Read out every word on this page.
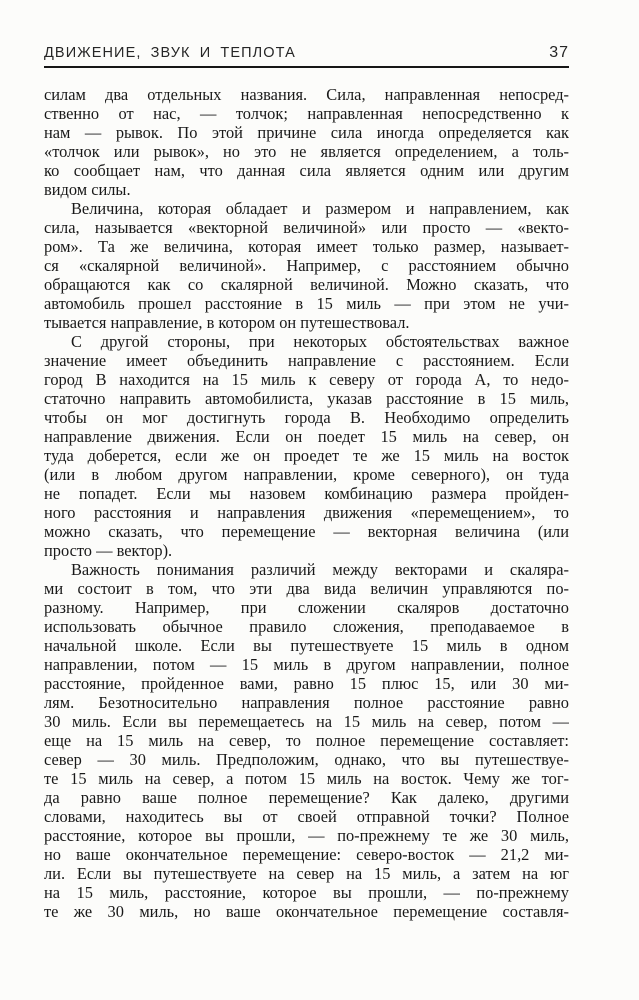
ДВИЖЕНИЕ, ЗВУК И ТЕПЛОТА	37
силам два отдельных названия. Сила, направленная непосред-
ственно от нас, — толчок; направленная непосредственно к
нам — рывок. По этой причине сила иногда определяется как
«толчок или рывок», но это не является определением, а толь-
ко сообщает нам, что данная сила является одним или другим
видом силы.
Величина, которая обладает и размером и направлением, как
сила, называется «векторной величиной» или просто — «векто-
ром». Та же величина, которая имеет только размер, называет-
ся «скалярной величиной». Например, с расстоянием обычно
обращаются как со скалярной величиной. Можно сказать, что
автомобиль прошел расстояние в 15 миль — при этом не учи-
тывается направление, в котором он путешествовал.
С другой стороны, при некоторых обстоятельствах важное
значение имеет объединить направление с расстоянием. Если
город В находится на 15 миль к северу от города А, то недо-
статочно направить автомобилиста, указав расстояние в 15 миль,
чтобы он мог достигнуть города В. Необходимо определить
направление движения. Если он поедет 15 миль на север, он
туда доберется, если же он проедет те же 15 миль на восток
(или в любом другом направлении, кроме северного), он туда
не попадет. Если мы назовем комбинацию размера пройден-
ного расстояния и направления движения «перемещением», то
можно сказать, что перемещение — векторная величина (или
просто — вектор).
Важность понимания различий между векторами и скаляра-
ми состоит в том, что эти два вида величин управляются по-
разному. Например, при сложении скаляров достаточно
использовать обычное правило сложения, преподаваемое в
начальной школе. Если вы путешествуете 15 миль в одном
направлении, потом — 15 миль в другом направлении, полное
расстояние, пройденное вами, равно 15 плюс 15, или 30 ми-
лям. Безотносительно направления полное расстояние равно
30 миль. Если вы перемещаетесь на 15 миль на север, потом —
еще на 15 миль на север, то полное перемещение составляет:
север — 30 миль. Предположим, однако, что вы путешествуе-
те 15 миль на север, а потом 15 миль на восток. Чему же тог-
да равно ваше полное перемещение? Как далеко, другими
словами, находитесь вы от своей отправной точки? Полное
расстояние, которое вы прошли, — по-прежнему те же 30 миль,
но ваше окончательное перемещение: северо-восток — 21,2 ми-
ли. Если вы путешествуете на север на 15 миль, а затем на юг
на 15 миль, расстояние, которое вы прошли, — по-прежнему
те же 30 миль, но ваше окончательное перемещение составля-
